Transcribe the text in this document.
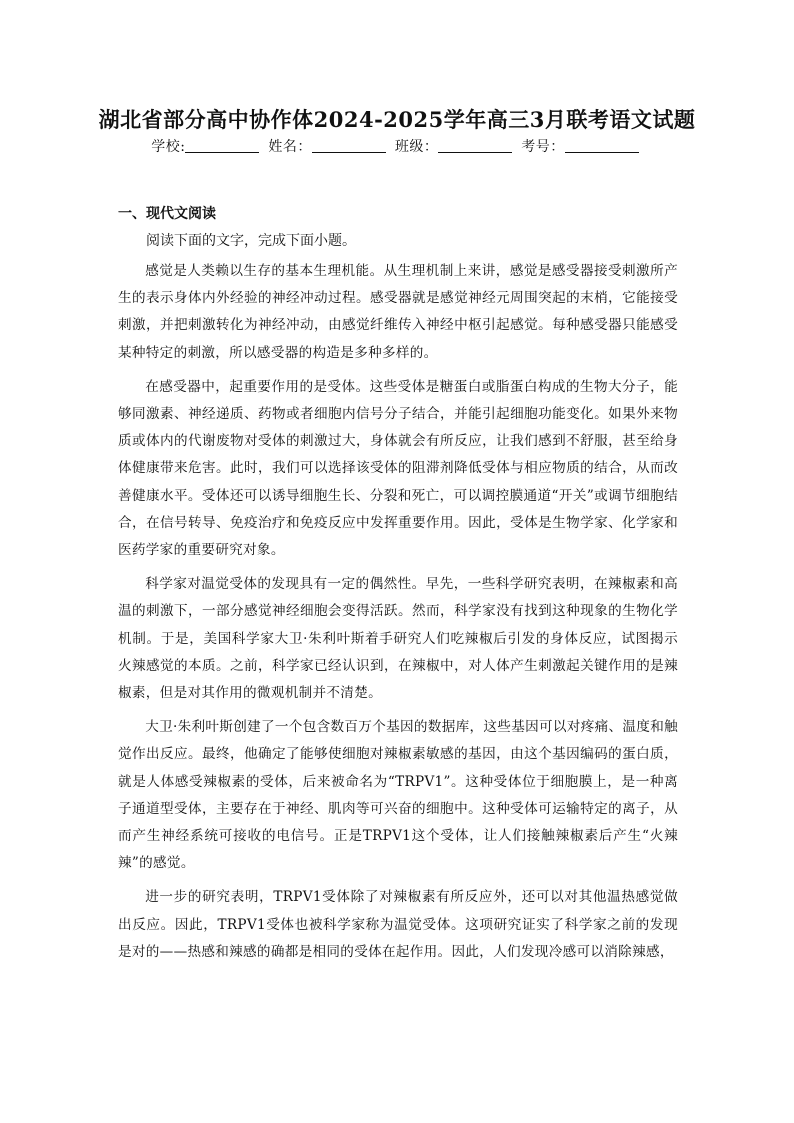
湖北省部分高中协作体2024-2025学年高三3月联考语文试题
学校:	姓名：	班级：	考号：
一、现代文阅读
阅读下面的文字，完成下面小题。

感觉是人类赖以生存的基本生理机能。从生理机制上来讲，感觉是感受器接受刺激所产生的表示身体内外经验的神经冲动过程。感受器就是感觉神经元周围突起的末梢，它能接受刺激，并把刺激转化为神经冲动，由感觉纤维传入神经中枢引起感觉。每种感受器只能感受某种特定的刺激，所以感受器的构造是多种多样的。

在感受器中，起重要作用的是受体。这些受体是糖蛋白或脂蛋白构成的生物大分子，能够同激素、神经递质、药物或者细胞内信号分子结合，并能引起细胞功能变化。如果外来物质或体内的代谢废物对受体的刺激过大，身体就会有所反应，让我们感到不舒服，甚至给身体健康带来危害。此时，我们可以选择该受体的阻滞剂降低受体与相应物质的结合，从而改善健康水平。受体还可以诱导细胞生长、分裂和死亡，可以调控膜通道“开关”或调节细胞结合，在信号转导、免疫治疗和免疫反应中发挥重要作用。因此，受体是生物学家、化学家和医药学家的重要研究对象。

科学家对温觉受体的发现具有一定的偶然性。早先，一些科学研究表明，在辣椒素和高温的刺激下，一部分感觉神经细胞会变得活跃。然而，科学家没有找到这种现象的生物化学机制。于是，美国科学家大卫·朱利叶斯着手研究人们吃辣椒后引发的身体反应，试图揭示火辣感觉的本质。之前，科学家已经认识到，在辣椒中，对人体产生刺激起关键作用的是辣椒素，但是对其作用的微观机制并不清楚。

大卫·朱利叶斯创建了一个包含数百万个基因的数据库，这些基因可以对疼痛、温度和触觉作出反应。最终，他确定了能够使细胞对辣椒素敏感的基因，由这个基因编码的蛋白质，就是人体感受辣椒素的受体，后来被命名为“TRPV1”。这种受体位于细胞膜上，是一种离子通道型受体，主要存在于神经、肌肉等可兴奋的细胞中。这种受体可运输特定的离子，从而产生神经系统可接收的电信号。正是TRPV1这个受体，让人们接触辣椒素后产生“火辣辣”的感觉。

进一步的研究表明，TRPV1受体除了对辣椒素有所反应外，还可以对其他温热感觉做出反应。因此，TRPV1受体也被科学家称为温觉受体。这项研究证实了科学家之前的发现是对的——热感和辣感的确都是相同的受体在起作用。因此，人们发现冷感可以消除辣感，
